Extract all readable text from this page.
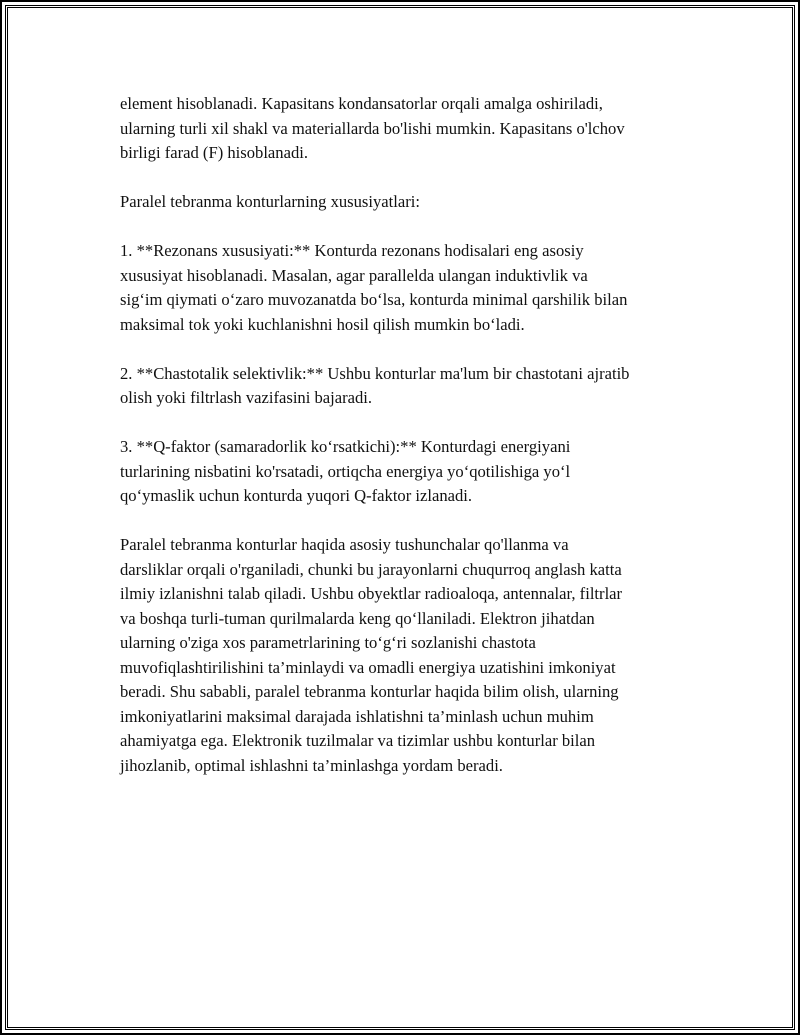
element hisoblanadi. Kapasitans kondansatorlar orqali amalga oshiriladi,
ularning turli xil shakl va materiallarda bo'lishi mumkin. Kapasitans o'lchov
birligi farad (F) hisoblanadi.

Paralel tebranma konturlarning xususiyatlari:

1. **Rezonans xususiyati:** Konturda rezonans hodisalari eng asosiy
xususiyat hisoblanadi. Masalan, agar parallelda ulangan induktivlik va
sig‘im qiymati o‘zaro muvozanatda bo‘lsa, konturda minimal qarshilik bilan
maksimal tok yoki kuchlanishni hosil qilish mumkin bo‘ladi.

2. **Chastotalik selektivlik:** Ushbu konturlar ma'lum bir chastotani ajratib
olish yoki filtrlash vazifasini bajaradi.

3. **Q-faktor (samaradorlik ko‘rsatkichi):** Konturdagi energiyani
turlarining nisbatini ko'rsatadi, ortiqcha energiya yo‘qotilishiga yo‘l
qo‘ymaslik uchun konturda yuqori Q-faktor izlanadi.

Paralel tebranma konturlar haqida asosiy tushunchalar qo'llanma va
darsliklar orqali o'rganiladi, chunki bu jarayonlarni chuqurroq anglash katta
ilmiy izlanishni talab qiladi. Ushbu obyektlar radioaloqa, antennalar, filtrlar
va boshqa turli-tuman qurilmalarda keng qo‘llaniladi. Elektron jihatdan
ularning o'ziga xos parametrlarining to‘g‘ri sozlanishi chastota
muvofiqlashtirilishini ta’minlaydi va omadli energiya uzatishini imkoniyat
beradi. Shu sababli, paralel tebranma konturlar haqida bilim olish, ularning
imkoniyatlarini maksimal darajada ishlatishni ta’minlash uchun muhim
ahamiyatga ega. Elektronik tuzilmalar va tizimlar ushbu konturlar bilan
jihozlanib, optimal ishlashni ta’minlashga yordam beradi.
